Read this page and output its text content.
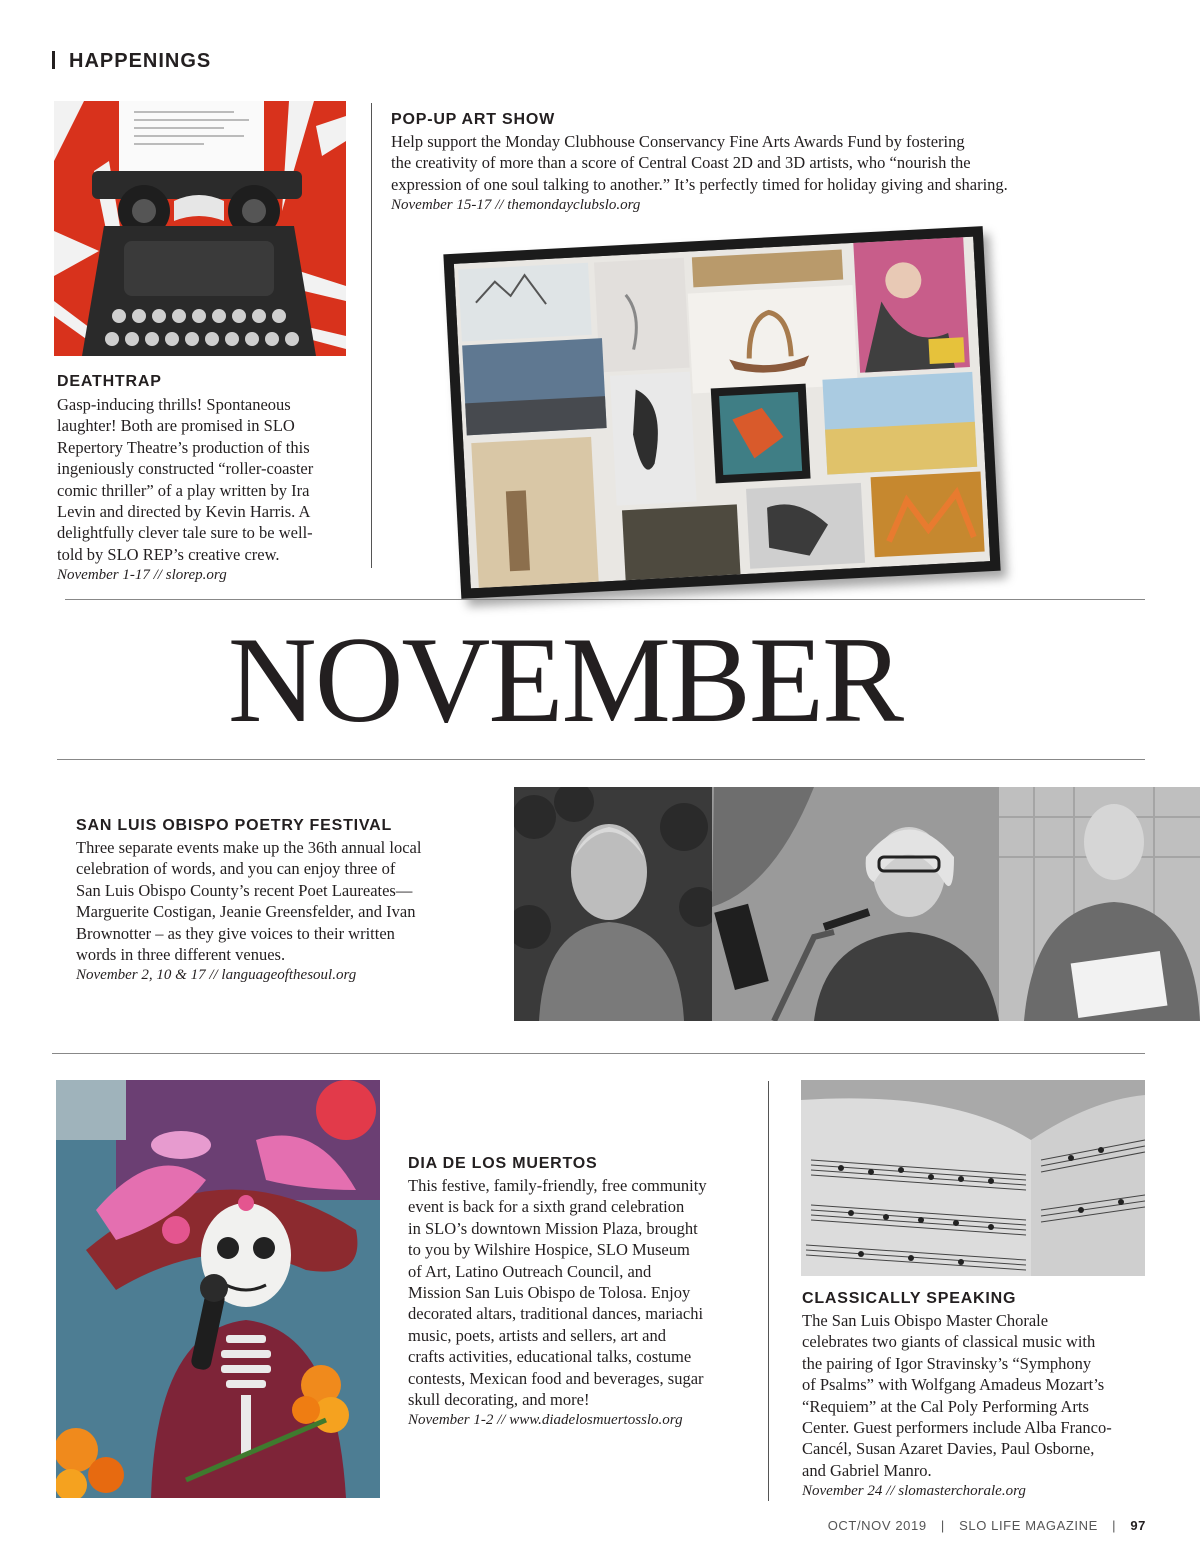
HAPPENINGS
DEATHTRAP
Gasp-inducing thrills! Spontaneous
laughter! Both are promised in SLO
Repertory Theatre’s production of this
ingeniously constructed “roller-coaster
comic thriller” of a play written by Ira
Levin and directed by Kevin Harris. A
delightfully clever tale sure to be well-
told by SLO REP’s creative crew.
November 1-17 // slorep.org
POP-UP ART SHOW
Help support the Monday Clubhouse Conservancy Fine Arts Awards Fund by fostering
the creativity of more than a score of Central Coast 2D and 3D artists, who “nourish the
expression of one soul talking to another.” It’s perfectly timed for holiday giving and sharing.
November 15-17 // themondayclubslo.org
NOVEMBER
SAN LUIS OBISPO POETRY FESTIVAL
Three separate events make up the 36th annual local
celebration of words, and you can enjoy three of
San Luis Obispo County’s recent Poet Laureates—
Marguerite Costigan, Jeanie Greensfelder, and Ivan
Brownotter – as they give voices to their written
words in three different venues.
November 2, 10 & 17 // languageofthesoul.org
DIA DE LOS MUERTOS
This festive, family-friendly, free community
event is back for a sixth grand celebration
in SLO’s downtown Mission Plaza, brought
to you by Wilshire Hospice, SLO Museum
of Art, Latino Outreach Council, and
Mission San Luis Obispo de Tolosa. Enjoy
decorated altars, traditional dances, mariachi
music, poets, artists and sellers, art and
crafts activities, educational talks, costume
contests, Mexican food and beverages, sugar
skull decorating, and more!
November 1-2 // www.diadelosmuertosslo.org
CLASSICALLY SPEAKING
The San Luis Obispo Master Chorale
celebrates two giants of classical music with
the pairing of Igor Stravinsky’s “Symphony
of Psalms” with Wolfgang Amadeus Mozart’s
“Requiem” at the Cal Poly Performing Arts
Center. Guest performers include Alba Franco-
Cancél, Susan Azaret Davies, Paul Osborne,
and Gabriel Manro.
November 24 // slomasterchorale.org
OCT/NOV 2019 | SLO LIFE MAGAZINE | 97
